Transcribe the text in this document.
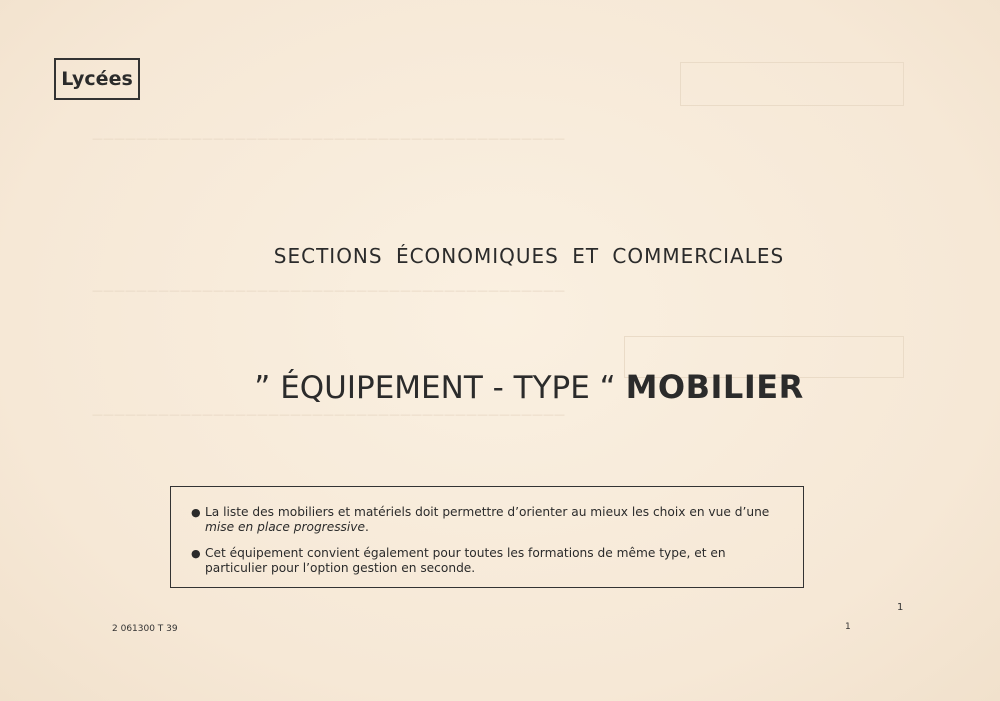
———————————————————————————————————————————
———————————————————————————————————————————
———————————————————————————————————————————
Lycées
SECTIONS ÉCONOMIQUES ET COMMERCIALES
” ÉQUIPEMENT - TYPE “ MOBILIER
● La liste des mobiliers et matériels doit permettre d’orienter au mieux les choix en vue d’une mise en place progressive.
● Cet équipement convient également pour toutes les formations de même type, et en particulier pour l’option gestion en seconde.
1
2 061300 T 39	1
